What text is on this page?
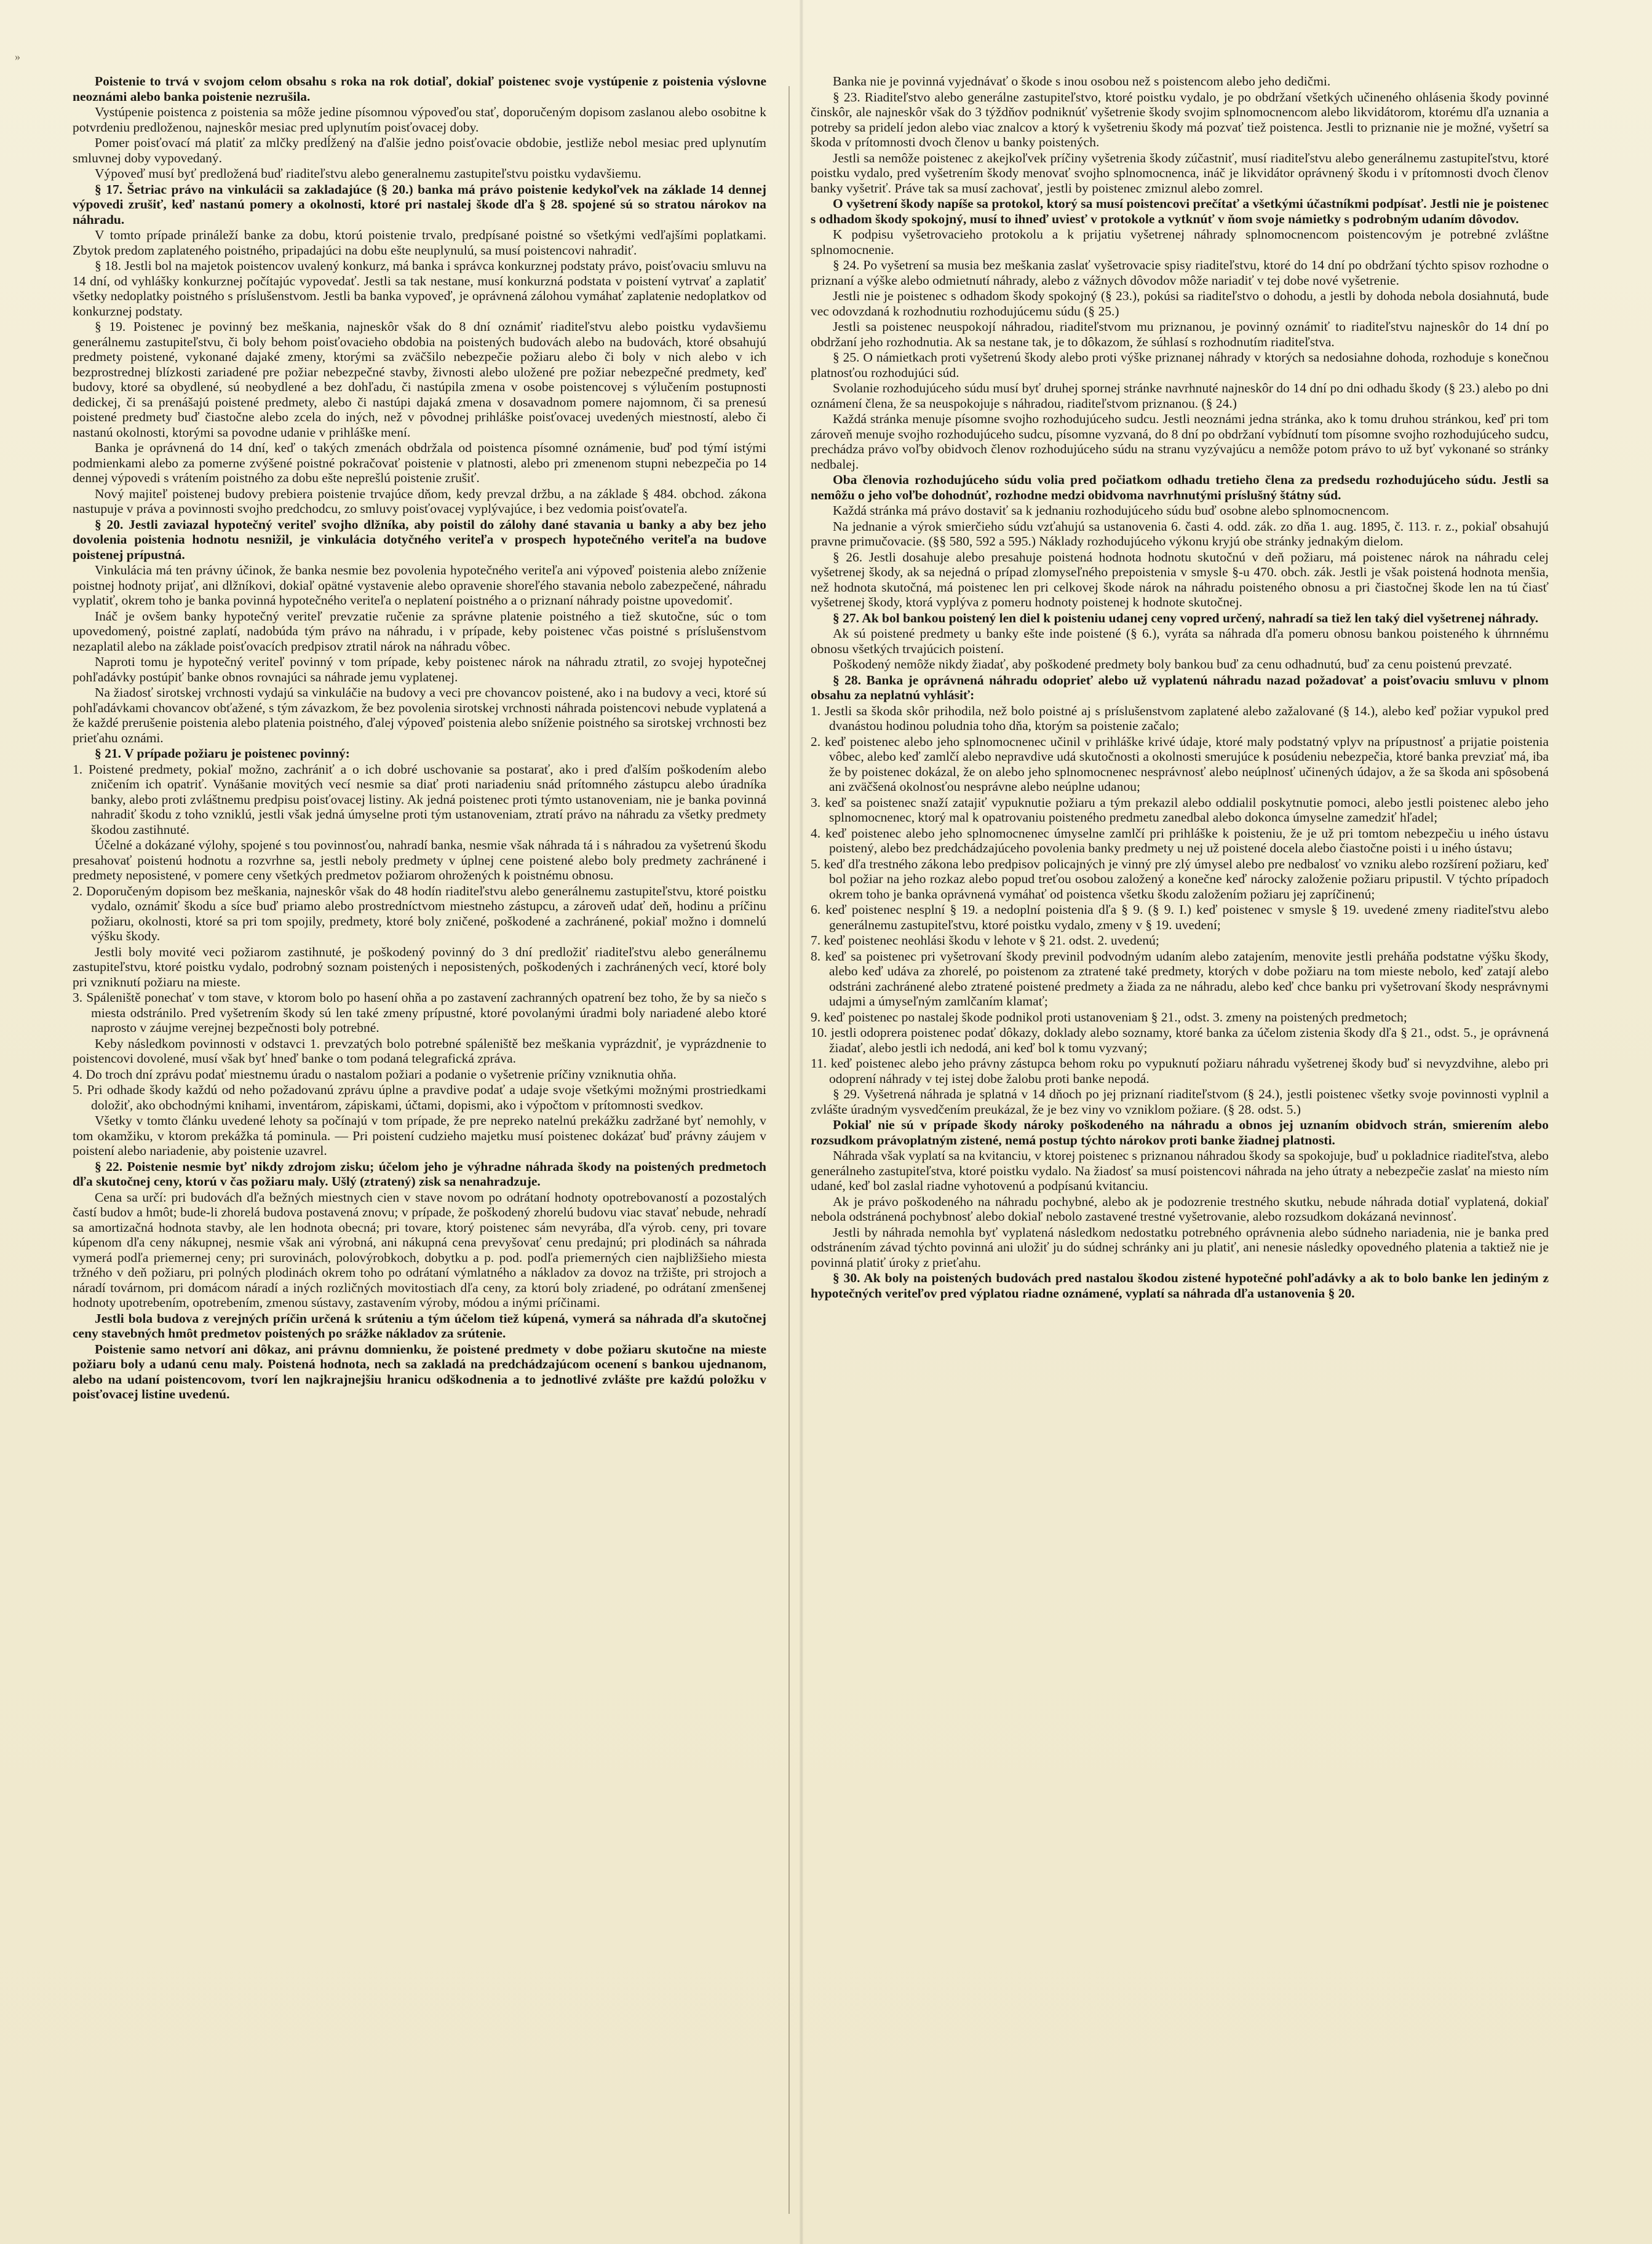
»

Poistenie to trvá v svojom celom obsahu s roka na rok dotiaľ, dokiaľ poistenec svoje vystúpenie z poistenia výslovne neoznámi alebo banka poistenie nezrušila.

Vystúpenie poistenca z poistenia sa môže jedine písomnou výpoveďou stať, doporučeným dopisom zaslanou alebo osobitne k potvrdeniu predloženou, najneskôr mesiac pred uplynutím poisťovacej doby.

Pomer poisťovací má platiť za mlčky predĺžený na ďalšie jedno poisťovacie obdobie, jestliže nebol mesiac pred uplynutím smluvnej doby vypovedaný.

Výpoveď musí byť predložená buď riaditeľstvu alebo generalnemu zastupiteľstvu poistku vydavšiemu.

§ 17. Šetriac právo na vinkulácii sa zakladajúce (§ 20.) banka má právo poistenie kedykoľvek na základe 14 dennej výpovedi zrušiť, keď nastanú pomery a okolnosti, ktoré pri nastalej škode dľa § 28. spojené sú so stratou nárokov na náhradu.

V tomto prípade prináleží banke za dobu, ktorú poistenie trvalo, predpísané poistné so všetkými vedľajšími poplatkami. Zbytok predom zaplateného poistného, pripadajúci na dobu ešte neuplynulú, sa musí poistencovi nahradiť.

§ 18. Jestli bol na majetok poistencov uvalený konkurz, má banka i správca konkurznej podstaty právo, poisťovaciu smluvu na 14 dní, od vyhlášky konkurznej počítajúc vypovedať. Jestli sa tak nestane, musí konkurzná podstata v poistení vytrvať a zaplatiť všetky nedoplatky poistného s príslušenstvom. Jestli ba banka vypoveď, je oprávnená zálohou vymáhať zaplatenie nedoplatkov od konkurznej podstaty.

§ 19. Poistenec je povinný bez meškania, najneskôr však do 8 dní oznámiť riaditeľstvu alebo poistku vydavšiemu generálnemu zastupiteľstvu, či boly behom poisťovacieho obdobia na poistených budovách alebo na budovách, ktoré obsahujú predmety poistené, vykonané dajaké zmeny, ktorými sa zväčšilo nebezpečie požiaru alebo či boly v nich alebo v ich bezprostrednej blízkosti zariadené pre požiar nebezpečné stavby, živnosti alebo uložené pre požiar nebezpečné predmety, keď budovy, ktoré sa obydlené, sú neobydlené a bez dohľadu, či nastúpila zmena v osobe poistencovej s výlučením postupnosti dedickej, či sa prenášajú poistené predmety, alebo či nastúpi dajaká zmena v dosavadnom pomere najomnom, či sa prenesú poistené predmety buď čiastočne alebo zcela do iných, než v pôvodnej prihláške poisťovacej uvedených miestností, alebo či nastanú okolnosti, ktorými sa povodne udanie v prihláške mení.

Banka je oprávnená do 14 dní, keď o takých zmenách obdržala od poistenca písomné oznámenie, buď pod týmí istými podmienkami alebo za pomerne zvýšené poistné pokračovať poistenie v platnosti, alebo pri zmenenom stupni nebezpečia po 14 dennej výpovedi s vrátením poistného za dobu ešte neprešlú poistenie zrušiť.

Nový majiteľ poistenej budovy prebiera poistenie trvajúce dňom, kedy prevzal držbu, a na základe § 484. obchod. zákona nastupuje v práva a povinnosti svojho predchodcu, zo smluvy poisťovacej vyplývajúce, i bez vedomia poisťovateľa.

§ 20. Jestli zaviazal hypotečný veriteľ svojho dlžníka, aby poistil do zálohy dané stavania u banky a aby bez jeho dovolenia poistenia hodnotu nesnižil, je vinkulácia dotyčného veriteľa v prospech hypotečného veriteľa na budove poistenej prípustná.

Vinkulácia má ten právny účinok, že banka nesmie bez povolenia hypotečného veriteľa ani výpoveď poistenia alebo zníženie poistnej hodnoty prijať, ani dlžníkovi, dokiaľ opätné vystavenie alebo opravenie shoreľého stavania nebolo zabezpečené, náhradu vyplatiť, okrem toho je banka povinná hypotečného veriteľa o neplatení poistného a o priznaní náhrady poistne upovedomiť.

Ináč je ovšem banky hypotečný veriteľ prevzatie ručenie za správne platenie poistného a tiež skutočne, súc o tom upovedomený, poistné zaplatí, nadobúda tým právo na náhradu, i v prípade, keby poistenec včas poistné s príslušenstvom nezaplatil alebo na základe poisťovacích predpisov ztratil nárok na náhradu vôbec.

Naproti tomu je hypotečný veriteľ povinný v tom prípade, keby poistenec nárok na náhradu ztratil, zo svojej hypotečnej pohľadávky postúpiť banke obnos rovnajúci sa náhrade jemu vyplatenej.

Na žiadosť sirotskej vrchnosti vydajú sa vinkuláčie na budovy a veci pre chovancov poistené, ako i na budovy a veci, ktoré sú pohľadávkami chovancov obťažené, s tým závazkom, že bez povolenia sirotskej vrchnosti náhrada poistencovi nebude vyplatená a že každé prerušenie poistenia alebo platenia poistného, ďalej výpoveď poistenia alebo sníženie poistného sa sirotskej vrchnosti bez prieťahu oznámi.

§ 21. V prípade požiaru je poistenec povinný:

1. Poistené predmety, pokiaľ možno, zachrániť a o ich dobré uschovanie sa postarať, ako i pred ďalším poškodením alebo zničením ich opatriť. Vynášanie movitých vecí nesmie sa diať proti nariadeniu snád prítomného zástupcu alebo úradníka banky, alebo proti zvláštnemu predpisu poisťovacej listiny. Ak jedná poistenec proti týmto ustanoveniam, nie je banka povinná nahradiť škodu z toho vzniklú, jestli však jedná úmyselne proti tým ustanoveniam, ztratí právo na náhradu za všetky predmety škodou zastihnuté.

Účelné a dokázané výlohy, spojené s tou povinnosťou, nahradí banka, nesmie však náhrada tá i s náhradou za vyšetrenú škodu presahovať poistenú hodnotu a rozvrhne sa, jestli neboly predmety v úplnej cene poistené alebo boly predmety zachránené i predmety neposistené, v pomere ceny všetkých predmetov požiarom ohrožených k poistnému obnosu.

2. Doporučeným dopisom bez meškania, najneskôr však do 48 hodín riaditeľstvu alebo generálnemu zastupiteľstvu, ktoré poistku vydalo, oznámiť škodu a síce buď priamo alebo prostredníctvom miestneho zástupcu, a zároveň udať deň, hodinu a príčinu požiaru, okolnosti, ktoré sa pri tom spojily, predmety, ktoré boly zničené, poškodené a zachránené, pokiaľ možno i domnelú výšku škody.

Jestli boly movité veci požiarom zastihnuté, je poškodený povinný do 3 dní predložiť riaditeľstvu alebo generálnemu zastupiteľstvu, ktoré poistku vydalo, podrobný soznam poistených i neposistených, poškodených i zachránených vecí, ktoré boly pri vzniknutí požiaru na mieste.

3. Spáleniště ponechať v tom stave, v ktorom bolo po hasení ohňa a po zastavení zachranných opatrení bez toho, že by sa niečo s miesta odstránilo. Pred vyšetrením škody sú len také zmeny prípustné, ktoré povolanými úradmi boly nariadené alebo ktoré naprosto v záujme verejnej bezpečnosti boly potrebné.

Keby následkom povinnosti v odstavci 1. prevzatých bolo potrebné spáleniště bez meškania vyprázdniť, je vyprázdnenie to poistencovi dovolené, musí však byť hneď banke o tom podaná telegrafická zpráva.

4. Do troch dní zprávu podať miestnemu úradu o nastalom požiari a podanie o vyšetrenie príčiny vzniknutia ohňa.

5. Pri odhade škody každú od neho požadovanú zprávu úplne a pravdive podať a udaje svoje všetkými možnými prostriedkami doložiť, ako obchodnými knihami, inventárom, zápiskami, účtami, dopismi, ako i výpočtom v prítomnosti svedkov.

Všetky v tomto článku uvedené lehoty sa počínajú v tom prípade, že pre nepreko natelnú prekážku zadržané byť nemohly, v tom okamžiku, v ktorom prekážka tá pominula. — Pri poistení cudzieho majetku musí poistenec dokázať buď právny záujem v poistení alebo nariadenie, aby poistenie uzavrel.

§ 22. Poistenie nesmie byť nikdy zdrojom zisku; účelom jeho je výhradne náhrada škody na poistených predmetoch dľa skutočnej ceny, ktorú v čas požiaru maly. Ušlý (ztratený) zisk sa nenahradzuje.

Cena sa určí: pri budovách dľa bežných miestnych cien v stave novom po odrátaní hodnoty opotrebovaností a pozostalých častí budov a hmôt; bude-li zhorelá budova postavená znovu; v prípade, že poškodený zhorelú budovu viac stavať nebude, nehradí sa amortizačná hodnota stavby, ale len hodnota obecná; pri tovare, ktorý poistenec sám nevyrába, dľa výrob. ceny, pri tovare kúpenom dľa ceny nákupnej, nesmie však ani výrobná, ani nákupná cena prevyšovať cenu predajnú; pri plodinách sa náhrada vymerá podľa priemernej ceny; pri surovinách, polovýrobkoch, dobytku a p. pod. podľa priemerných cien najbližšieho miesta tržného v deň požiaru, pri polných plodinách okrem toho po odrátaní výmlatného a nákladov za dovoz na tržište, pri strojoch a náradí továrnom, pri domácom náradí a iných rozličných movitostiach dľa ceny, za ktorú boly zriadené, po odrátaní zmenšenej hodnoty upotrebením, opotrebením, zmenou sústavy, zastavením výroby, módou a inými príčinami.

Jestli bola budova z verejných príčin určená k srúteniu a tým účelom tiež kúpená, vymerá sa náhrada dľa skutočnej ceny stavebných hmôt predmetov poistených po srážke nákladov za srútenie.

Poistenie samo netvorí ani dôkaz, ani právnu domnienku, že poistené predmety v dobe požiaru skutočne na mieste požiaru boly a udanú cenu maly. Poistená hodnota, nech sa zakladá na predchádzajúcom ocenení s bankou ujednanom, alebo na udaní poistencovom, tvorí len najkrajnejšiu hranicu odškodnenia a to jednotlivé zvlášte pre každú položku v poisťovacej listine uvedenú.

Banka nie je povinná vyjednávať o škode s inou osobou než s poistencom alebo jeho dedičmi.

§ 23. Riaditeľstvo alebo generálne zastupiteľstvo, ktoré poistku vydalo, je po obdržaní všetkých učineného ohlásenia škody povinné činskôr, ale najneskôr však do 3 týždňov podniknúť vyšetrenie škody svojim splnomocnencom alebo likvidátorom, ktorému dľa uznania a potreby sa pridelí jedon alebo viac znalcov a ktorý k vyšetreniu škody má pozvať tiež poistenca. Jestli to priznanie nie je možné, vyšetrí sa škoda v prítomnosti dvoch členov u banky poistených.

Jestli sa nemôže poistenec z akejkoľvek príčiny vyšetrenia škody zúčastniť, musí riaditeľstvu alebo generálnemu zastupiteľstvu, ktoré poistku vydalo, pred vyšetrením škody menovať svojho splnomocnenca, ináč je likvidátor oprávnený škodu i v prítomnosti dvoch členov banky vyšetriť. Práve tak sa musí zachovať, jestli by poistenec zmiznul alebo zomrel.

O vyšetrení škody napíše sa protokol, ktorý sa musí poistencovi prečítať a všetkými účastníkmi podpísať. Jestli nie je poistenec s odhadom škody spokojný, musí to ihneď uviesť v protokole a vytknúť v ňom svoje námietky s podrobným udaním dôvodov.

K podpisu vyšetrovacieho protokolu a k prijatiu vyšetrenej náhrady splnomocnencom poistencovým je potrebné zvláštne splnomocnenie.

§ 24. Po vyšetrení sa musia bez meškania zaslať vyšetrovacie spisy riaditeľstvu, ktoré do 14 dní po obdržaní týchto spisov rozhodne o priznaní a výške alebo odmietnutí náhrady, alebo z vážnych dôvodov môže nariadiť v tej dobe nové vyšetrenie.

Jestli nie je poistenec s odhadom škody spokojný (§ 23.), pokúsi sa riaditeľstvo o dohodu, a jestli by dohoda nebola dosiahnutá, bude vec odovzdaná k rozhodnutiu rozhodujúcemu súdu (§ 25.)

Jestli sa poistenec neuspokojí náhradou, riaditeľstvom mu priznanou, je povinný oznámiť to riaditeľstvu najneskôr do 14 dní po obdržaní jeho rozhodnutia. Ak sa nestane tak, je to dôkazom, že súhlasí s rozhodnutím riaditeľstva.

§ 25. O námietkach proti vyšetrenú škody alebo proti výške priznanej náhrady v ktorých sa nedosiahne dohoda, rozhoduje s konečnou platnosťou rozhodujúci súd.

Svolanie rozhodujúceho súdu musí byť druhej spornej stránke navrhnuté najneskôr do 14 dní po dni odhadu škody (§ 23.) alebo po dni oznámení člena, že sa neuspokojuje s náhradou, riaditeľstvom priznanou. (§ 24.)

Každá stránka menuje písomne svojho rozhodujúceho sudcu. Jestli neoznámi jedna stránka, ako k tomu druhou stránkou, keď pri tom zároveň menuje svojho rozhodujúceho sudcu, písomne vyzvaná, do 8 dní po obdržaní vybídnutí tom písomne svojho rozhodujúceho sudcu, prechádza právo voľby obidvoch členov rozhodujúceho súdu na stranu vyzývajúcu a nemôže potom právo to už byť vykonané so stránky nedbalej.

Oba členovia rozhodujúceho súdu volia pred počiatkom odhadu tretieho člena za predsedu rozhodujúceho súdu. Jestli sa nemôžu o jeho voľbe dohodnúť, rozhodne medzi obidvoma navrhnutými príslušný štátny súd.

Každá stránka má právo dostaviť sa k jednaniu rozhodujúceho súdu buď osobne alebo splnomocnencom.

Na jednanie a výrok smierčieho súdu vzťahujú sa ustanovenia 6. časti 4. odd. zák. zo dňa 1. aug. 1895, č. 113. r. z., pokiaľ obsahujú pravne primučovacie. (§§ 580, 592 a 595.) Náklady rozhodujúceho výkonu kryjú obe stránky jednakým dielom.

§ 26. Jestli dosahuje alebo presahuje poistená hodnota hodnotu skutočnú v deň požiaru, má poistenec nárok na náhradu celej vyšetrenej škody, ak sa nejedná o prípad zlomyseľného prepoistenia v smysle §-u 470. obch. zák. Jestli je však poistená hodnota menšia, než hodnota skutočná, má poistenec len pri celkovej škode nárok na náhradu poisteného obnosu a pri čiastočnej škode len na tú čiasť vyšetrenej škody, ktorá vyplýva z pomeru hodnoty poistenej k hodnote skutočnej.

§ 27. Ak bol bankou poistený len diel k poisteniu udanej ceny vopred určený, nahradí sa tiež len taký diel vyšetrenej náhrady.

Ak sú poistené predmety u banky ešte inde poistené (§ 6.), vyráta sa náhrada dľa pomeru obnosu bankou poisteného k úhrnnému obnosu všetkých trvajúcich poistení.

Poškodený nemôže nikdy žiadať, aby poškodené predmety boly bankou buď za cenu odhadnutú, buď za cenu poistenú prevzaté.

§ 28. Banka je oprávnená náhradu odoprieť alebo už vyplatenú náhradu nazad požadovať a poisťovaciu smluvu v plnom obsahu za neplatnú vyhlásiť:

1. Jestli sa škoda skôr prihodila, než bolo poistné aj s príslušenstvom zaplatené alebo zažalované (§ 14.), alebo keď požiar vypukol pred dvanástou hodinou poludnia toho dňa, ktorým sa poistenie začalo;

2. keď poistenec alebo jeho splnomocnenec učinil v prihláške krivé údaje, ktoré maly podstatný vplyv na prípustnosť a prijatie poistenia vôbec, alebo keď zamlčí alebo nepravdive udá skutočnosti a okolnosti smerujúce k posúdeniu nebezpečia, ktoré banka prevziať má, iba že by poistenec dokázal, že on alebo jeho splnomocnenec nesprávnosť alebo neúplnosť učinených údajov, a že sa škoda ani spôsobená ani zväčšená okolnosťou nesprávne alebo neúplne udanou;

3. keď sa poistenec snaží zatajiť vypuknutie požiaru a tým prekazil alebo oddialil poskytnutie pomoci, alebo jestli poistenec alebo jeho splnomocnenec, ktorý mal k opatrovaniu poisteného predmetu zanedbal alebo dokonca úmyselne zamedziť hľadel;

4. keď poistenec alebo jeho splnomocnenec úmyselne zamlčí pri prihláške k poisteniu, že je už pri tomtom nebezpečiu u iného ústavu poistený, alebo bez predchádzajúceho povolenia banky predmety u nej už poistené docela alebo čiastočne poisti i u iného ústavu;

5. keď dľa trestného zákona lebo predpisov policajných je vinný pre zlý úmysel alebo pre nedbalosť vo vzniku alebo rozšírení požiaru, keď bol požiar na jeho rozkaz alebo popud treťou osobou založený a konečne keď nárocky založenie požiaru pripustil. V týchto prípadoch okrem toho je banka oprávnená vymáhať od poistenca všetku škodu založením požiaru jej zapríčinenú;

6. keď poistenec nesplní § 19. a nedoplní poistenia dľa § 9. (§ 9. I.) keď poistenec v smysle § 19. uvedené zmeny riaditeľstvu alebo generálnemu zastupiteľstvu, ktoré poistku vydalo, zmeny v § 19. uvedení;

7. keď poistenec neohlási škodu v lehote v § 21. odst. 2. uvedenú;

8. keď sa poistenec pri vyšetrovaní škody previnil podvodným udaním alebo zatajením, menovite jestli preháňa podstatne výšku škody, alebo keď udáva za zhorelé, po poistenom za ztratené také predmety, ktorých v dobe požiaru na tom mieste nebolo, keď zatají alebo odstráni zachránené alebo ztratené poistené predmety a žiada za ne náhradu, alebo keď chce banku pri vyšetrovaní škody nesprávnymi udajmi a úmyseľným zamlčaním klamať;

9. keď poistenec po nastalej škode podnikol proti ustanoveniam § 21., odst. 3. zmeny na poistených predmetoch;

10. jestli odoprera poistenec podať dôkazy, doklady alebo soznamy, ktoré banka za účelom zistenia škody dľa § 21., odst. 5., je oprávnená žiadať, alebo jestli ich nedodá, ani keď bol k tomu vyzvaný;

11. keď poistenec alebo jeho právny zástupca behom roku po vypuknutí požiaru náhradu vyšetrenej škody buď si nevyzdvihne, alebo pri odoprení náhrady v tej istej dobe žalobu proti banke nepodá.

§ 29. Vyšetrená náhrada je splatná v 14 dňoch po jej priznaní riaditeľstvom (§ 24.), jestli poistenec všetky svoje povinnosti vyplnil a zvlášte úradným vysvedčením preukázal, že je bez viny vo vzniklom požiare. (§ 28. odst. 5.)

Pokiaľ nie sú v prípade škody nároky poškodeného na náhradu a obnos jej uznaním obidvoch strán, smierením alebo rozsudkom právoplatným zistené, nemá postup týchto nárokov proti banke žiadnej platnosti.

Náhrada však vyplatí sa na kvitanciu, v ktorej poistenec s priznanou náhradou škody sa spokojuje, buď u pokladnice riaditeľstva, alebo generálneho zastupiteľstva, ktoré poistku vydalo. Na žiadosť sa musí poistencovi náhrada na jeho útraty a nebezpečie zaslať na miesto ním udané, keď bol zaslal riadne vyhotovenú a podpísanú kvitanciu.

Ak je právo poškodeného na náhradu pochybné, alebo ak je podozrenie trestného skutku, nebude náhrada dotiaľ vyplatená, dokiaľ nebola odstránená pochybnosť alebo dokiaľ nebolo zastavené trestné vyšetrovanie, alebo rozsudkom dokázaná nevinnosť.

Jestli by náhrada nemohla byť vyplatená následkom nedostatku potrebného oprávnenia alebo súdneho nariadenia, nie je banka pred odstránením závad týchto povinná ani uložiť ju do súdnej schránky ani ju platiť, ani nenesie následky opovedného platenia a taktiež nie je povinná platiť úroky z prieťahu.

§ 30. Ak boly na poistených budovách pred nastalou škodou zistené hypotečné pohľadávky a ak to bolo banke len jediným z hypotečných veriteľov pred výplatou riadne oznámené, vyplatí sa náhrada dľa ustanovenia § 20.
